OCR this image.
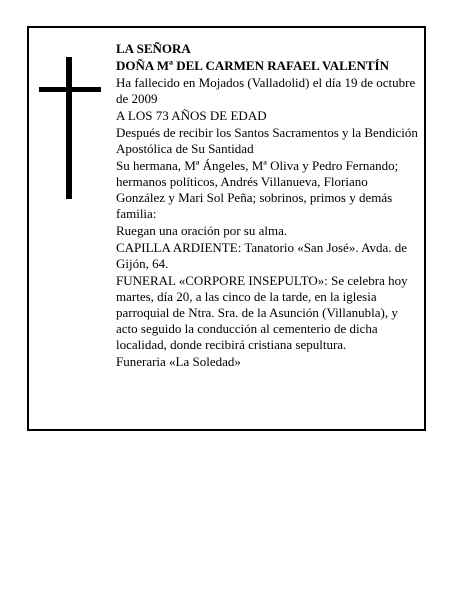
LA SEÑORA
DOÑA Mª DEL CARMEN RAFAEL VALENTÍN
Ha fallecido en Mojados (Valladolid) el día 19 de octubre de 2009
A LOS 73 AÑOS DE EDAD
Después de recibir los Santos Sacramentos y la Bendición Apostólica de Su Santidad
Su hermana, Mª Ángeles, Mª Oliva y Pedro Fernando; hermanos políticos, Andrés Villanueva, Floriano González y Mari Sol Peña; sobrinos, primos y demás familia:
Ruegan una oración por su alma.
CAPILLA ARDIENTE: Tanatorio «San José». Avda. de Gijón, 64.
FUNERAL «CORPORE INSEPULTO»: Se celebra hoy martes, día 20, a las cinco de la tarde, en la iglesia parroquial de Ntra. Sra. de la Asunción (Villanubla), y acto seguido la conducción al cementerio de dicha localidad, donde recibirá cristiana sepultura.
Funeraria «La Soledad»
